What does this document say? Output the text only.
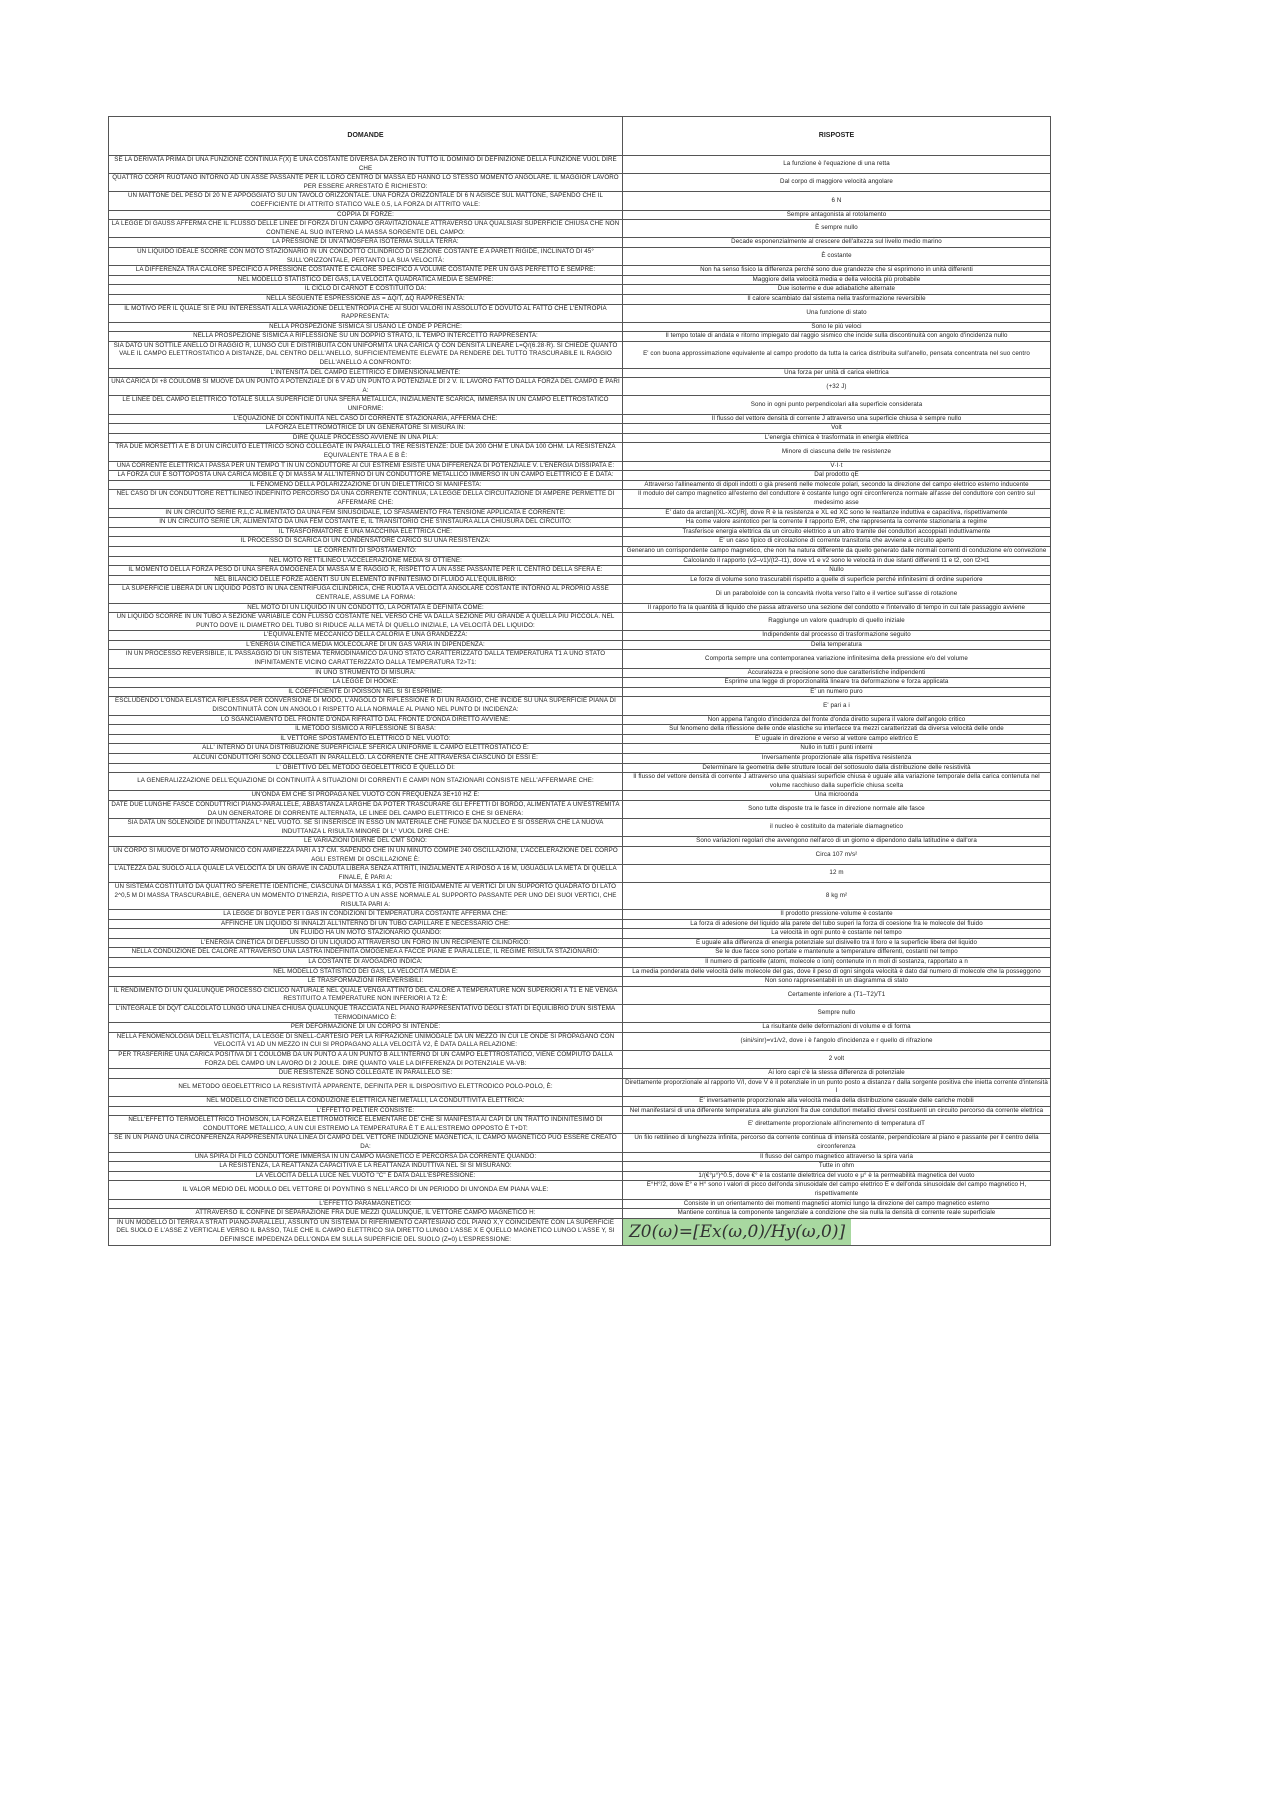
DOMANDE	RISPOSTE
SE LA DERIVATA PRIMA DI UNA FUNZIONE CONTINUA F(X) È UNA COSTANTE DIVERSA DA ZERO IN TUTTO IL DOMINIO DI DEFINIZIONE DELLA FUNZIONE VUOL DIRE CHE	La funzione è l'equazione di una retta
QUATTRO CORPI RUOTANO INTORNO AD UN ASSE PASSANTE PER IL LORO CENTRO DI MASSA ED HANNO LO STESSO MOMENTO ANGOLARE. IL MAGGIOR LAVORO PER ESSERE ARRESTATO È RICHIESTO:	Dal corpo di maggiore velocità angolare
UN MATTONE DEL PESO DI 20 N È APPOGGIATO SU UN TAVOLO ORIZZONTALE. UNA FORZA ORIZZONTALE DI 6 N AGISCE SUL MATTONE, SAPENDO CHE IL COEFFICIENTE DI ATTRITO STATICO VALE 0.5, LA FORZA DI ATTRITO VALE:	6 N
COPPIA DI FORZE:	Sempre antagonista al rotolamento
LA LEGGE DI GAUSS AFFERMA CHE IL FLUSSO DELLE LINEE DI FORZA DI UN CAMPO GRAVITAZIONALE ATTRAVERSO UNA QUALSIASI SUPERFICIE CHIUSA CHE NON CONTIENE AL SUO INTERNO LA MASSA SORGENTE DEL CAMPO:	È sempre nullo
LA PRESSIONE DI UN'ATMOSFERA ISOTERMA SULLA TERRA:	Decade esponenzialmente al crescere dell'altezza sul livello medio marino
UN LIQUIDO IDEALE SCORRE CON MOTO STAZIONARIO IN UN CONDOTTO CILINDRICO DI SEZIONE COSTANTE E A PARETI RIGIDE, INCLINATO DI 45° SULL'ORIZZONTALE, PERTANTO LA SUA VELOCITÀ:	È costante
LA DIFFERENZA TRA CALORE SPECIFICO A PRESSIONE COSTANTE E CALORE SPECIFICO A VOLUME COSTANTE PER UN GAS PERFETTO È SEMPRE:	Non ha senso fisico la differenza perché sono due grandezze che si esprimono in unità differenti
NEL MODELLO STATISTICO DEI GAS, LA VELOCITÀ QUADRATICA MEDIA È SEMPRE:	Maggiore della velocità media e della velocità più probabile
IL CICLO DI CARNOT È COSTITUITO DA:	Due isoterme e due adiabatiche alternate
NELLA SEGUENTE ESPRESSIONE ΔS = ΔQ/T, ΔQ RAPPRESENTA:	Il calore scambiato dal sistema nella trasformazione reversibile
IL MOTIVO PER IL QUALE SI È PIÙ INTERESSATI ALLA VARIAZIONE DELL'ENTROPIA CHE AI SUOI VALORI IN ASSOLUTO È DOVUTO AL FATTO CHE L'ENTROPIA RAPPRESENTA:	Una funzione di stato
NELLA PROSPEZIONE SISMICA SI USANO LE ONDE P PERCHÉ:	Sono le più veloci
NELLA PROSPEZIONE SISMICA A RIFLESSIONE SU UN DOPPIO STRATO, IL TEMPO INTERCETTO RAPPRESENTA:	Il tempo totale di andata e ritorno impiegato dal raggio sismico che incide sulla discontinuità con angolo d'incidenza nullo
SIA DATO UN SOTTILE ANELLO DI RAGGIO R, LUNGO CUI È DISTRIBUITA CON UNIFORMITÀ UNA CARICA Q CON DENSITÀ LINEARE L=Q/(6.28·R). SI CHIEDE QUANTO VALE IL CAMPO ELETTROSTATICO A DISTANZE, DAL CENTRO DELL'ANELLO, SUFFICIENTEMENTE ELEVATE DA RENDERE DEL TUTTO TRASCURABILE IL RAGGIO DELL'ANELLO A CONFRONTO:	E' con buona approssimazione equivalente al campo prodotto da tutta la carica distribuita sull'anello, pensata concentrata nel suo centro
L'INTENSITÀ DEL CAMPO ELETTRICO È DIMENSIONALMENTE:	Una forza per unità di carica elettrica
UNA CARICA DI +8 COULOMB SI MUOVE DA UN PUNTO A POTENZIALE DI 6 V AD UN PUNTO A POTENZIALE DI 2 V. IL LAVORO FATTO DALLA FORZA DEL CAMPO È PARI A:	(+32 J)
LE LINEE DEL CAMPO ELETTRICO TOTALE SULLA SUPERFICIE DI UNA SFERA METALLICA, INIZIALMENTE SCARICA, IMMERSA IN UN CAMPO ELETTROSTATICO UNIFORME:	Sono in ogni punto perpendicolari alla superficie considerata
L'EQUAZIONE DI CONTINUITÀ NEL CASO DI CORRENTE STAZIONARIA, AFFERMA CHE:	Il flusso del vettore densità di corrente J attraverso una superficie chiusa è sempre nullo
LA FORZA ELETTROMOTRICE DI UN GENERATORE SI MISURA IN:	Volt
DIRE QUALE PROCESSO AVVIENE IN UNA PILA:	L'energia chimica è trasformata in energia elettrica
TRA DUE MORSETTI A E B DI UN CIRCUITO ELETTRICO SONO COLLEGATE IN PARALLELO TRE RESISTENZE: DUE DA 200 OHM E UNA DA 100 OHM. LA RESISTENZA EQUIVALENTE TRA A E B È:	Minore di ciascuna delle tre resistenze
UNA CORRENTE ELETTRICA I PASSA PER UN TEMPO T IN UN CONDUTTORE AI CUI ESTREMI ESISTE UNA DIFFERENZA DI POTENZIALE V. L'ENERGIA DISSIPATA È:	V·I·t
LA FORZA CUI È SOTTOPOSTA UNA CARICA MOBILE Q DI MASSA M ALL'INTERNO DI UN CONDUTTORE METALLICO IMMERSO IN UN CAMPO ELETTRICO E È DATA:	Dal prodotto qE
IL FENOMENO DELLA POLARIZZAZIONE DI UN DIELETTRICO SI MANIFESTA:	Attraverso l'allineamento di dipoli indotti o già presenti nelle molecole polari, secondo la direzione del campo elettrico esterno inducente
NEL CASO DI UN CONDUTTORE RETTILINEO INDEFINITO PERCORSO DA UNA CORRENTE CONTINUA, LA LEGGE DELLA CIRCUITAZIONE DI AMPÈRE PERMETTE DI AFFERMARE CHE:	Il modulo del campo magnetico all'esterno del conduttore è costante lungo ogni circonferenza normale all'asse del conduttore con centro sul medesimo asse
IN UN CIRCUITO SERIE R,L,C ALIMENTATO DA UNA FEM SINUSOIDALE, LO SFASAMENTO FRA TENSIONE APPLICATA E CORRENTE:	E' dato da arctan[(XL-XC)/R], dove R è la resistenza e XL ed XC sono le reattanze induttiva e capacitiva, rispettivamente
IN UN CIRCUITO SERIE LR, ALIMENTATO DA UNA FEM COSTANTE E, IL TRANSITORIO CHE S'INSTAURA ALLA CHIUSURA DEL CIRCUITO:	Ha come valore asintotico per la corrente il rapporto E/R, che rappresenta la corrente stazionaria a regime
IL TRASFORMATORE È UNA MACCHINA ELETTRICA CHE:	Trasferisce energia elettrica da un circuito elettrico a un altro tramite dei conduttori accoppiati induttivamente
IL PROCESSO DI SCARICA DI UN CONDENSATORE CARICO SU UNA RESISTENZA:	E' un caso tipico di circolazione di corrente transitoria che avviene a circuito aperto
LE CORRENTI DI SPOSTAMENTO:	Generano un corrispondente campo magnetico, che non ha natura differente da quello generato dalle normali correnti di conduzione e/o convezione
NEL MOTO RETTILINEO L'ACCELERAZIONE MEDIA SI OTTIENE:	Calcolando il rapporto (v2–v1)/(t2–t1), dove v1 e v2 sono le velocità in due istanti differenti t1 e t2, con t2>t1
IL MOMENTO DELLA FORZA PESO DI UNA SFERA OMOGENEA DI MASSA M E RAGGIO R, RISPETTO A UN ASSE PASSANTE PER IL CENTRO DELLA SFERA È:	Nullo
NEL BILANCIO DELLE FORZE AGENTI SU UN ELEMENTO INFINITESIMO DI FLUIDO ALL'EQUILIBRIO:	Le forze di volume sono trascurabili rispetto a quelle di superficie perché infinitesimi di ordine superiore
LA SUPERFICIE LIBERA DI UN LIQUIDO POSTO IN UNA CENTRIFUGA CILINDRICA, CHE RUOTA A VELOCITÀ ANGOLARE COSTANTE INTORNO AL PROPRIO ASSE CENTRALE, ASSUME LA FORMA:	Di un paraboloide con la concavità rivolta verso l'alto e il vertice sull'asse di rotazione
NEL MOTO DI UN LIQUIDO IN UN CONDOTTO, LA PORTATA È DEFINITA COME:	Il rapporto fra la quantità di liquido che passa attraverso una sezione del condotto e l'intervallo di tempo in cui tale passaggio avviene
UN LIQUIDO SCORRE IN UN TUBO A SEZIONE VARIABILE CON FLUSSO COSTANTE NEL VERSO CHE VA DALLA SEZIONE PIÙ GRANDE A QUELLA PIÙ PICCOLA. NEL PUNTO DOVE IL DIAMETRO DEL TUBO SI RIDUCE ALLA METÀ DI QUELLO INIZIALE, LA VELOCITÀ DEL LIQUIDO:	Raggiunge un valore quadruplo di quello iniziale
L'EQUIVALENTE MECCANICO DELLA CALORIA È UNA GRANDEZZA:	Indipendente dal processo di trasformazione seguito
L'ENERGIA CINETICA MEDIA MOLECOLARE DI UN GAS VARIA IN DIPENDENZA:	Della temperatura
IN UN PROCESSO REVERSIBILE, IL PASSAGGIO DI UN SISTEMA TERMODINAMICO DA UNO STATO CARATTERIZZATO DALLA TEMPERATURA T1 A UNO STATO INFINITAMENTE VICINO CARATTERIZZATO DALLA TEMPERATURA T2>T1:	Comporta sempre una contemporanea variazione infinitesima della pressione e/o del volume
IN UNO STRUMENTO DI MISURA:	Accuratezza e precisione sono due caratteristiche indipendenti
LA LEGGE DI HOOKE:	Esprime una legge di proporzionalità lineare tra deformazione e forza applicata
IL COEFFICIENTE DI POISSON NEL SI SI ESPRIME:	E' un numero puro
ESCLUDENDO L'ONDA ELASTICA RIFLESSA PER CONVERSIONE DI MODO, L'ANGOLO DI RIFLESSIONE R DI UN RAGGIO, CHE INCIDE SU UNA SUPERFICIE PIANA DI DISCONTINUITÀ CON UN ANGOLO I RISPETTO ALLA NORMALE AL PIANO NEL PUNTO DI INCIDENZA:	E' pari a i
LO SGANCIAMENTO DEL FRONTE D'ONDA RIFRATTO DAL FRONTE D'ONDA DIRETTO AVVIENE:	Non appena l'angolo d'incidenza del fronte d'onda diretto supera il valore dell'angolo critico
IL METODO SISMICO A RIFLESSIONE SI BASA:	Sul fenomeno della riflessione delle onde elastiche su interfacce tra mezzi caratterizzati da diversa velocità delle onde
IL VETTORE SPOSTAMENTO ELETTRICO D NEL VUOTO:	E' uguale in direzione e verso al vettore campo elettrico E
ALL' INTERNO DI UNA DISTRIBUZIONE SUPERFICIALE SFERICA UNIFORME IL CAMPO ELETTROSTATICO È:	Nullo in tutti i punti interni
ALCUNI CONDUTTORI SONO COLLEGATI IN PARALLELO. LA CORRENTE CHE ATTRAVERSA CIASCUNO DI ESSI È:	Inversamente proporzionale alla rispettiva resistenza
L' OBIETTIVO DEL METODO GEOELETTRICO È QUELLO DI:	Determinare la geometria delle strutture locali del sottosuolo dalla distribuzione delle resistività
LA GENERALIZZAZIONE DELL'EQUAZIONE DI CONTINUITÀ A SITUAZIONI DI CORRENTI E CAMPI NON STAZIONARI CONSISTE NELL'AFFERMARE CHE:	Il flusso del vettore densità di corrente J attraverso una qualsiasi superficie chiusa è uguale alla variazione temporale della carica contenuta nel volume racchiuso dalla superficie chiusa scelta
UN'ONDA EM CHE SI PROPAGA NEL VUOTO CON FREQUENZA 3E+10 HZ È:	Una microonda
DATE DUE LUNGHE FASCE CONDUTTRICI PIANO-PARALLELE, ABBASTANZA LARGHE DA POTER TRASCURARE GLI EFFETTI DI BORDO, ALIMENTATE A UN'ESTREMITÀ DA UN GENERATORE DI CORRENTE ALTERNATA, LE LINEE DEL CAMPO ELETTRICO E CHE SI GENERA:	Sono tutte disposte tra le fasce in direzione normale alle fasce
SIA DATA UN SOLENOIDE DI INDUTTANZA L° NEL VUOTO. SE SI INSERISCE IN ESSO UN MATERIALE CHE FUNGE DA NUCLEO E SI OSSERVA CHE LA NUOVA INDUTTANZA L RISULTA MINORE DI L° VUOL DIRE CHE:	il nucleo è costituito da materiale diamagnetico
LE VARIAZIONI DIURNE DEL CMT SONO:	Sono variazioni regolari che avvengono nell'arco di un giorno e dipendono dalla latitudine e dall'ora
UN CORPO SI MUOVE DI MOTO ARMONICO CON AMPIEZZA PARI A 17 CM. SAPENDO CHE IN UN MINUTO COMPIE 240 OSCILLAZIONI, L'ACCELERAZIONE DEL CORPO AGLI ESTREMI DI OSCILLAZIONE È:	Circa 107 m/s²
L'ALTEZZA DAL SUOLO ALLA QUALE LA VELOCITÀ DI UN GRAVE IN CADUTA LIBERA SENZA ATTRITI, INIZIALMENTE A RIPOSO A 16 M, UGUAGLIA LA METÀ DI QUELLA FINALE, È PARI A:	12 m
UN SISTEMA COSTITUITO DA QUATTRO SFERETTE IDENTICHE, CIASCUNA DI MASSA 1 KG, POSTE RIGIDAMENTE AI VERTICI DI UN SUPPORTO QUADRATO DI LATO 2^0,5 M DI MASSA TRASCURABILE, GENERA UN MOMENTO D'INERZIA, RISPETTO A UN ASSE NORMALE AL SUPPORTO PASSANTE PER UNO DEI SUOI VERTICI, CHE RISULTA PARI A:	8 kg m²
LA LEGGE DI BOYLE PER I GAS IN CONDIZIONI DI TEMPERATURA COSTANTE AFFERMA CHE:	Il prodotto pressione·volume è costante
AFFINCHÉ UN LIQUIDO SI INNALZI ALL'INTERNO DI UN TUBO CAPILLARE È NECESSARIO CHE:	La forza di adesione del liquido alla parete del tubo superi la forza di coesione fra le molecole del fluido
UN FLUIDO HA UN MOTO STAZIONARIO QUANDO:	La velocità in ogni punto è costante nel tempo
L'ENERGIA CINETICA DI DEFLUSSO DI UN LIQUIDO ATTRAVERSO UN FORO IN UN RECIPIENTE CILINDRICO:	È uguale alla differenza di energia potenziale sul dislivello tra il foro e la superficie libera del liquido
NELLA CONDUZIONE DEL CALORE ATTRAVERSO UNA LASTRA INDEFINITA OMOGENEA A FACCE PIANE E PARALLELE, IL REGIME RISULTA STAZIONARIO:	Se le due facce sono portate e mantenute a temperature differenti, costanti nel tempo
LA COSTANTE DI AVOGADRO INDICA:	Il numero di particelle (atomi, molecole o ioni) contenute in n moli di sostanza, rapportato a n
NEL MODELLO STATISTICO DEI GAS, LA VELOCITÀ MEDIA È:	La media ponderata delle velocità delle molecole del gas, dove il peso di ogni singola velocità è dato dal numero di molecole che la posseggono
LE TRASFORMAZIONI IRREVERSIBILI:	Non sono rappresentabili in un diagramma di stato
IL RENDIMENTO DI UN QUALUNQUE PROCESSO CICLICO NATURALE NEL QUALE VENGA ATTINTO DEL CALORE A TEMPERATURE NON SUPERIORI A T1 E NE VENGA RESTITUITO A TEMPERATURE NON INFERIORI A T2 È:	Certamente inferiore a (T1–T2)/T1
L'INTEGRALE DI DQ/T CALCOLATO LUNGO UNA LINEA CHIUSA QUALUNQUE TRACCIATA NEL PIANO RAPPRESENTATIVO DEGLI STATI DI EQUILIBRIO D'UN SISTEMA TERMODINAMICO È:	Sempre nullo
PER DEFORMAZIONE DI UN CORPO SI INTENDE:	La risultante delle deformazioni di volume e di forma
NELLA FENOMENOLOGIA DELL'ELASTICITÀ, LA LEGGE DI SNELL-CARTESIO PER LA RIFRAZIONE UNIMODALE DA UN MEZZO IN CUI LE ONDE SI PROPAGANO CON VELOCITÀ V1 AD UN MEZZO IN CUI SI PROPAGANO ALLA VELOCITÀ V2, È DATA DALLA RELAZIONE:	(sini/sinr)=v1/v2, dove i è l'angolo d'incidenza e r quello di rifrazione
PER TRASFERIRE UNA CARICA POSITIVA DI 1 COULOMB DA UN PUNTO A A UN PUNTO B ALL'INTERNO DI UN CAMPO ELETTROSTATICO, VIENE COMPIUTO DALLA FORZA DEL CAMPO UN LAVORO DI 2 JOULE. DIRE QUANTO VALE LA DIFFERENZA DI POTENZIALE VA-VB:	2 volt
DUE RESISTENZE SONO COLLEGATE IN PARALLELO SE:	Ai loro capi c'è la stessa differenza di potenziale
NEL METODO GEOELETTRICO LA RESISTIVITÀ APPARENTE, DEFINITA PER IL DISPOSITIVO ELETTRODICO POLO-POLO, È:	Direttamente proporzionale al rapporto V/I, dove V è il potenziale in un punto posto a distanza r dalla sorgente positiva che inietta corrente d'intensità I
NEL MODELLO CINETICO DELLA CONDUZIONE ELETTRICA NEI METALLI, LA CONDUTTIVITÀ ELETTRICA:	E' inversamente proporzionale alla velocità media della distribuzione casuale delle cariche mobili
L'EFFETTO PELTIER CONSISTE:	Nel manifestarsi di una differente temperatura alle giunzioni fra due conduttori metallici diversi costituenti un circuito percorso da corrente elettrica
NELL'EFFETTO TERMOELETTRICO THOMSON, LA FORZA ELETTROMOTRICE ELEMENTARE DE' CHE SI MANIFESTA AI CAPI DI UN TRATTO INDINITESIMO DI CONDUTTORE METALLICO, A UN CUI ESTREMO LA TEMPERATURA È T E ALL'ESTREMO OPPOSTO È T+DT:	E' direttamente proporzionale all'incremento di temperatura dT
SE IN UN PIANO UNA CIRCONFERENZA RAPPRESENTA UNA LINEA DI CAMPO DEL VETTORE INDUZIONE MAGNETICA, IL CAMPO MAGNETICO PUÒ ESSERE CREATO DA:	Un filo rettilineo di lunghezza infinita, percorso da corrente continua di intensità costante, perpendicolare al piano e passante per il centro della circonferenza
UNA SPIRA DI FILO CONDUTTORE IMMERSA IN UN CAMPO MAGNETICO È PERCORSA DA CORRENTE QUANDO:	Il flusso del campo magnetico attraverso la spira varia
LA RESISTENZA, LA REATTANZA CAPACITIVA E LA REATTANZA INDUTTIVA NEL SI SI MISURANO:	Tutte in ohm
LA VELOCITÀ DELLA LUCE NEL VUOTO "C" È DATA DALL'ESPRESSIONE:	1/(€°μ°)^0.5, dove €° è la costante dielettrica del vuoto e μ° è la permeabilità magnetica del vuoto
IL VALOR MEDIO DEL MODULO DEL VETTORE DI POYNTING S NELL'ARCO DI UN PERIODO DI UN'ONDA EM PIANA VALE:	E°H°/2, dove E° e H° sono i valori di picco dell'onda sinusoidale del campo elettrico E e dell'onda sinusoidale del campo magnetico H, rispettivamente
L'EFFETTO PARAMAGNETICO:	Consiste in un orientamento dei momenti magnetici atomici lungo la direzione del campo magnetico esterno
ATTRAVERSO IL CONFINE DI SEPARAZIONE FRA DUE MEZZI QUALUNQUE, IL VETTORE CAMPO MAGNETICO H:	Mantiene continua la componente tangenziale a condizione che sia nulla la densità di corrente reale superficiale
IN UN MODELLO DI TERRA A STRATI PIANO-PARALLELI, ASSUNTO UN SISTEMA DI RIFERIMENTO CARTESIANO COL PIANO X,Y COINCIDENTE CON LA SUPERFICIE DEL SUOLO E L'ASSE Z VERTICALE VERSO IL BASSO, TALE CHE IL CAMPO ELETTRICO SIA DIRETTO LUNGO L'ASSE X E QUELLO MAGNETICO LUNGO L'ASSE Y, SI DEFINISCE IMPEDENZA DELL'ONDA EM SULLA SUPERFICIE DEL SUOLO (Z=0) L'ESPRESSIONE:	Z0(ω)=[Ex(ω,0)/Hy(ω,0)]
